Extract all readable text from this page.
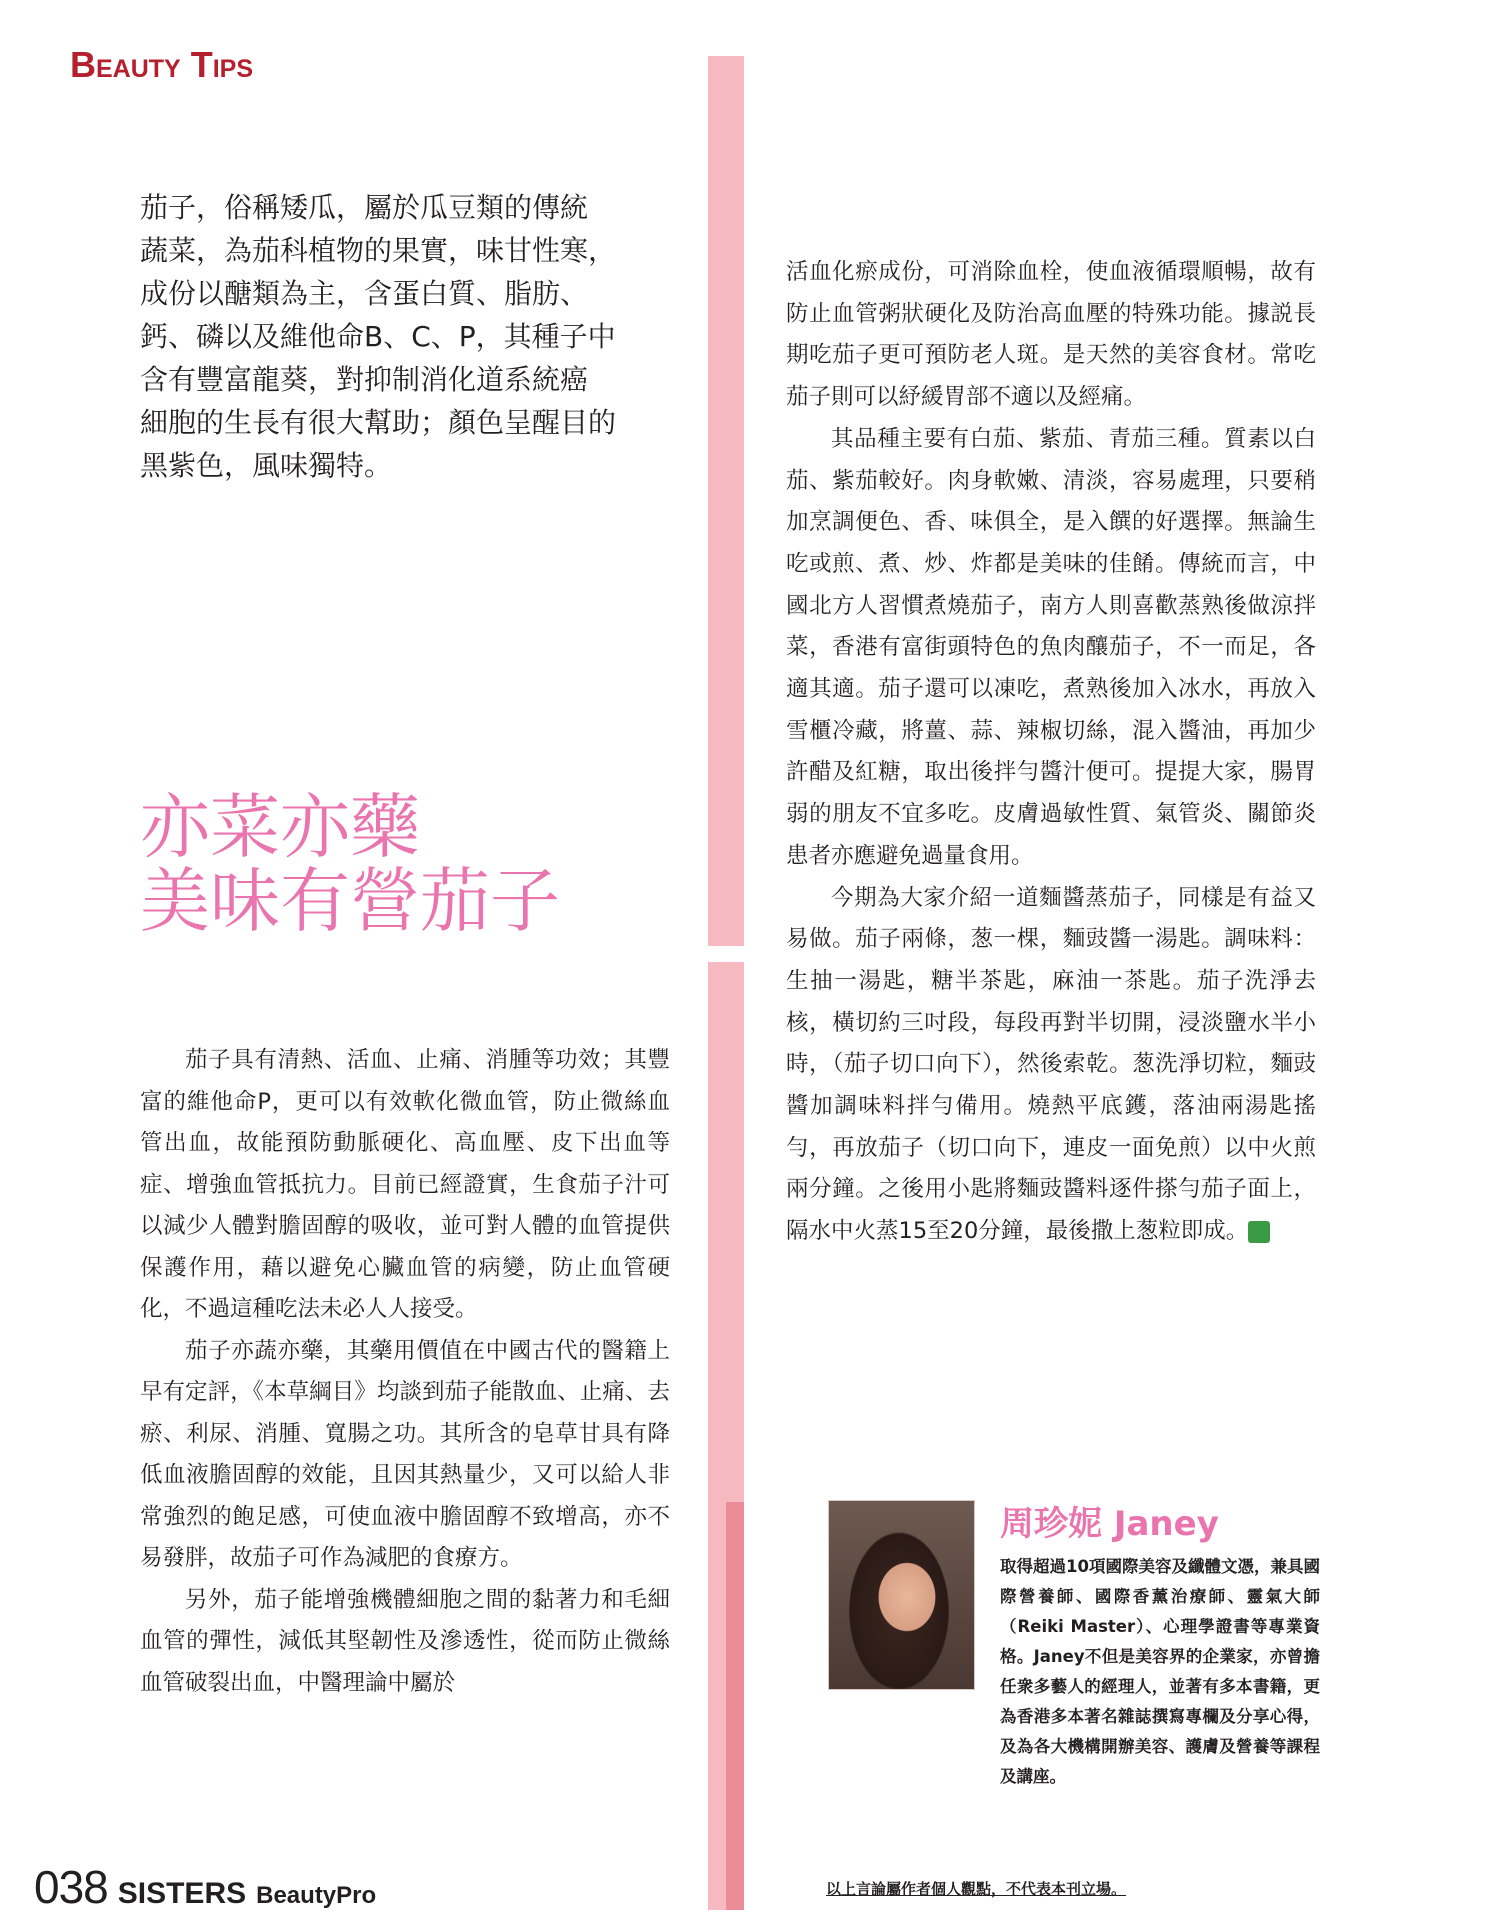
Beauty Tips

茄子，俗稱矮瓜，屬於瓜豆類的傳統

蔬菜，為茄科植物的果實，味甘性寒，

成份以醣類為主，含蛋白質、脂肪、

鈣、磷以及維他命B、C、P，其種子中

含有豐富龍葵，對抑制消化道系統癌

細胞的生長有很大幫助；顏色呈醒目的

黑紫色，風味獨特。

亦菜亦藥
美味有營茄子

茄子具有清熱、活血、止痛、消腫等功效；其豐富的維他命P，更可以有效軟化微血管，防止微絲血管出血，故能預防動脈硬化、高血壓、皮下出血等症、增強血管抵抗力。目前已經證實，生食茄子汁可以減少人體對膽固醇的吸收，並可對人體的血管提供保護作用，藉以避免心臟血管的病變，防止血管硬化，不過這種吃法未必人人接受。

茄子亦蔬亦藥，其藥用價值在中國古代的醫籍上早有定評，《本草綱目》均談到茄子能散血、止痛、去瘀、利尿、消腫、寬腸之功。其所含的皂草甘具有降低血液膽固醇的效能，且因其熱量少，又可以給人非常強烈的飽足感，可使血液中膽固醇不致增高，亦不易發胖，故茄子可作為減肥的食療方。

另外，茄子能增強機體細胞之間的黏著力和毛細血管的彈性，減低其堅韌性及滲透性，從而防止微絲血管破裂出血，中醫理論中屬於

活血化瘀成份，可消除血栓，使血液循環順暢，故有防止血管粥狀硬化及防治高血壓的特殊功能。據説長期吃茄子更可預防老人斑。是天然的美容食材。常吃茄子則可以紓緩胃部不適以及經痛。

其品種主要有白茄、紫茄、青茄三種。質素以白茄、紫茄較好。肉身軟嫩、清淡，容易處理，只要稍加烹調便色、香、味俱全，是入饌的好選擇。無論生吃或煎、煮、炒、炸都是美味的佳餚。傳統而言，中國北方人習慣煮燒茄子，南方人則喜歡蒸熟後做涼拌菜，香港有富街頭特色的魚肉釀茄子，不一而足，各適其適。茄子還可以凍吃，煮熟後加入冰水，再放入雪櫃冷藏，將薑、蒜、辣椒切絲，混入醬油，再加少許醋及紅糖，取出後拌勻醬汁便可。提提大家，腸胃弱的朋友不宜多吃。皮膚過敏性質、氣管炎、關節炎患者亦應避免過量食用。

今期為大家介紹一道麵醬蒸茄子，同樣是有益又易做。茄子兩條，葱一棵，麵豉醬一湯匙。調味料：生抽一湯匙，糖半茶匙，麻油一茶匙。茄子洗淨去核，橫切約三吋段，每段再對半切開，浸淡鹽水半小時，（茄子切口向下），然後索乾。葱洗淨切粒，麵豉醬加調味料拌勻備用。燒熱平底鑊，落油兩湯匙搖勻，再放茄子（切口向下，連皮一面免煎）以中火煎兩分鐘。之後用小匙將麵豉醬料逐件搽勻茄子面上，隔水中火蒸15至20分鐘，最後撒上葱粒即成。	S

周珍妮 Janey
取得超過10項國際美容及纖體文憑，兼具國際營養師、國際香薰治療師、靈氣大師（Reiki Master）、心理學證書等專業資格。Janey不但是美容界的企業家，亦曾擔任衆多藝人的經理人，並著有多本書籍，更為香港多本著名雜誌撰寫專欄及分享心得，及為各大機構開辦美容、護膚及營養等課程及講座。
以上言論屬作者個人觀點，不代表本刊立場。
038 SISTERS BeautyPro
